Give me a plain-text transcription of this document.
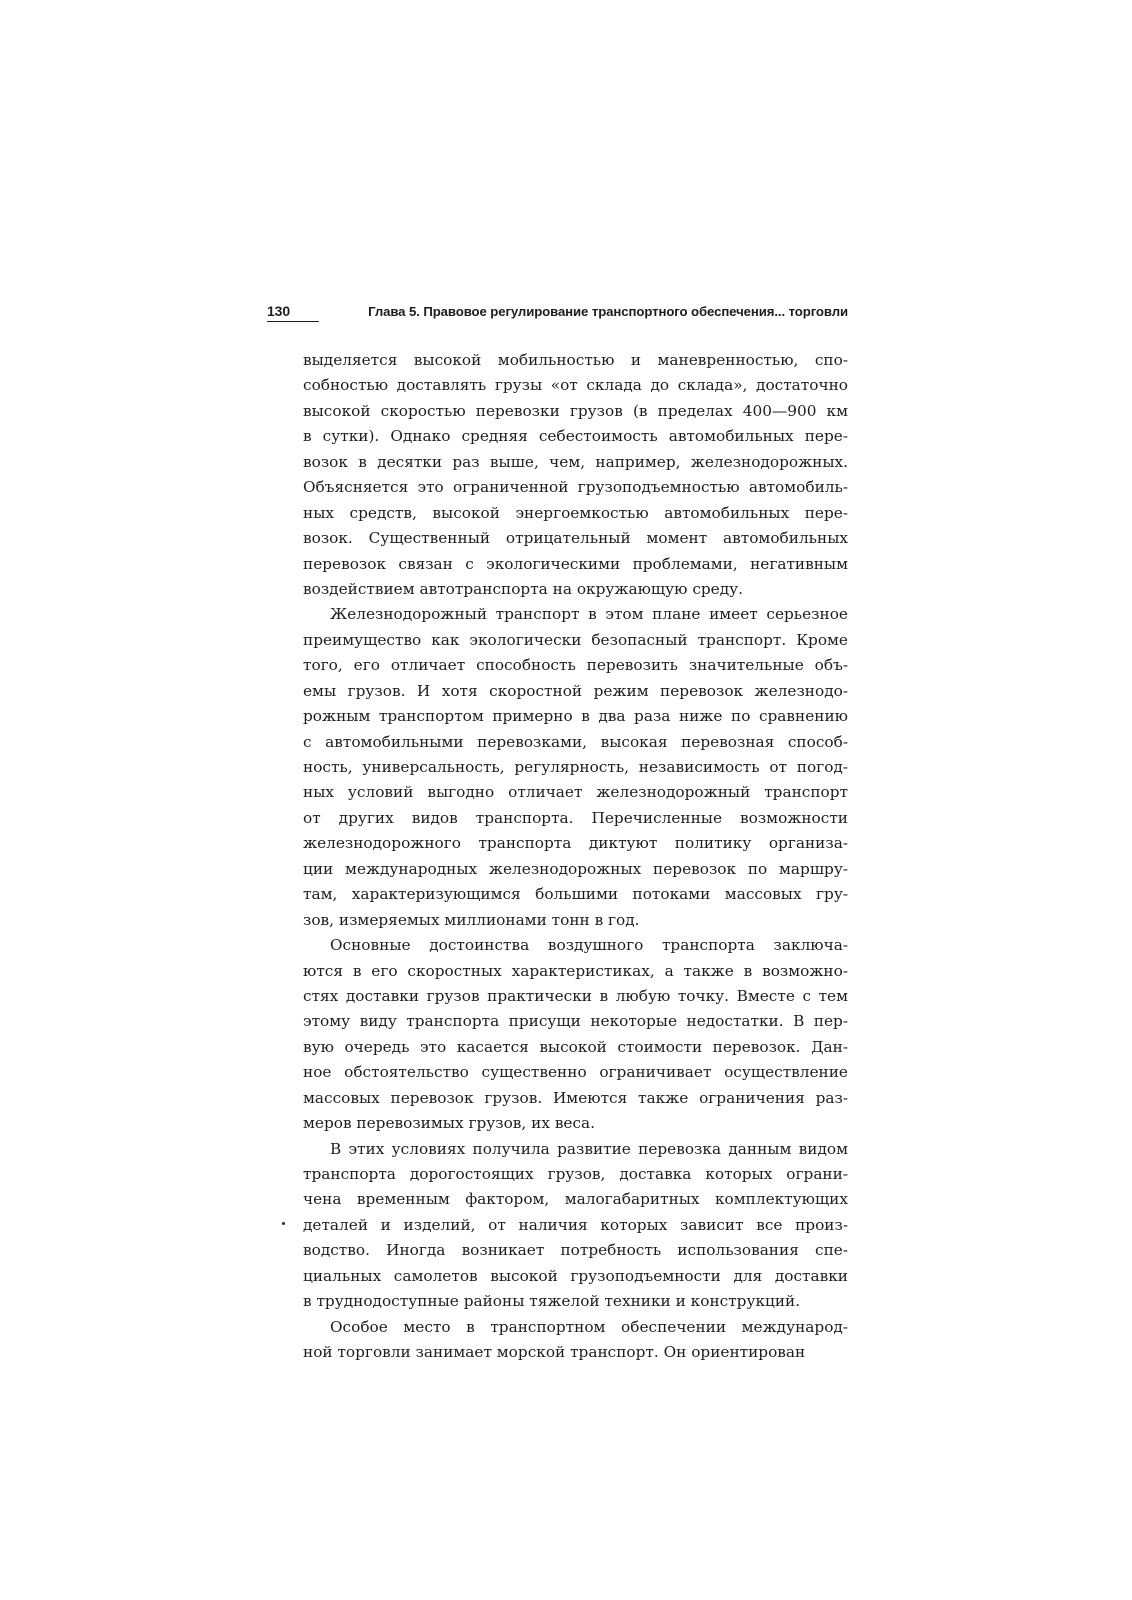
130	Глава 5. Правовое регулирование транспортного обеспечения... торговли
выделяется высокой мобильностью и маневренностью, спо-
собностью доставлять грузы «от склада до склада», достаточно
высокой скоростью перевозки грузов (в пределах 400—900 км
в сутки). Однако средняя себестоимость автомобильных пере-
возок в десятки раз выше, чем, например, железнодорожных.
Объясняется это ограниченной грузоподъемностью автомобиль-
ных средств, высокой энергоемкостью автомобильных пере-
возок. Существенный отрицательный момент автомобильных
перевозок связан с экологическими проблемами, негативным
воздействием автотранспорта на окружающую среду.
Железнодорожный транспорт в этом плане имеет серьезное
преимущество как экологически безопасный транспорт. Кроме
того, его отличает способность перевозить значительные объ-
емы грузов. И хотя скоростной режим перевозок железнодо-
рожным транспортом примерно в два раза ниже по сравнению
с автомобильными перевозками, высокая перевозная способ-
ность, универсальность, регулярность, независимость от погод-
ных условий выгодно отличает железнодорожный транспорт
от других видов транспорта. Перечисленные возможности
железнодорожного транспорта диктуют политику организа-
ции международных железнодорожных перевозок по маршру-
там, характеризующимся большими потоками массовых гру-
зов, измеряемых миллионами тонн в год.
Основные достоинства воздушного транспорта заключа-
ются в его скоростных характеристиках, а также в возможно-
стях доставки грузов практически в любую точку. Вместе с тем
этому виду транспорта присущи некоторые недостатки. В пер-
вую очередь это касается высокой стоимости перевозок. Дан-
ное обстоятельство существенно ограничивает осуществление
массовых перевозок грузов. Имеются также ограничения раз-
меров перевозимых грузов, их веса.
В этих условиях получила развитие перевозка данным видом
транспорта дорогостоящих грузов, доставка которых ограни-
чена временным фактором, малогабаритных комплектующих
деталей и изделий, от наличия которых зависит все произ-
водство. Иногда возникает потребность использования спе-
циальных самолетов высокой грузоподъемности для доставки
в труднодоступные районы тяжелой техники и конструкций.
Особое место в транспортном обеспечении международ-
ной торговли занимает морской транспорт. Он ориентирован
